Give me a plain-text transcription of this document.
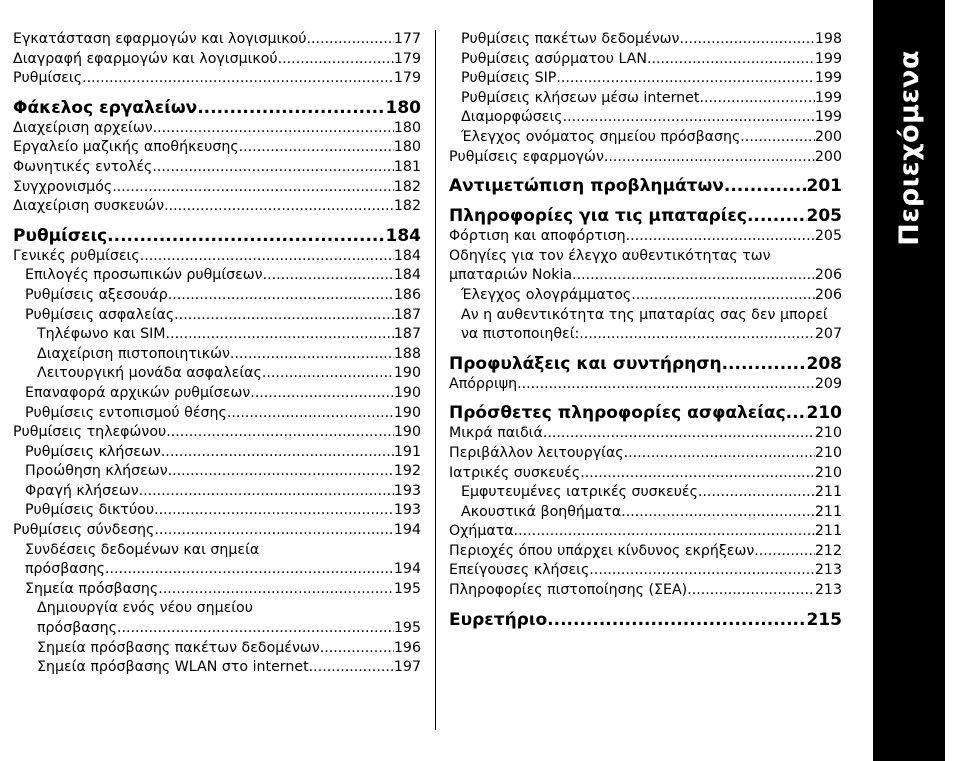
Εγκατάσταση εφαρμογών και λογισμικού .....	177
Διαγραφή εφαρμογών και λογισμικού .....	179
Ρυθμίσεις .....	179
Φάκελος εργαλείων .....	180
Διαχείριση αρχείων .....	180
Εργαλείο μαζικής αποθήκευσης .....	180
Φωνητικές εντολές .....	181
Συγχρονισμός .....	182
Διαχείριση συσκευών .....	182
Ρυθμίσεις .....	184
Γενικές ρυθμίσεις .....	184
Επιλογές προσωπικών ρυθμίσεων .....	184
Ρυθμίσεις αξεσουάρ .....	186
Ρυθμίσεις ασφαλείας .....	187
Τηλέφωνο και SIM .....	187
Διαχείριση πιστοποιητικών .....	188
Λειτουργική μονάδα ασφαλείας .....	190
Επαναφορά αρχικών ρυθμίσεων .....	190
Ρυθμίσεις εντοπισμού θέσης .....	190
Ρυθμίσεις τηλεφώνου .....	190
Ρυθμίσεις κλήσεων .....	191
Προώθηση κλήσεων .....	192
Φραγή κλήσεων .....	193
Ρυθμίσεις δικτύου .....	193
Ρυθμίσεις σύνδεσης .....	194
Συνδέσεις δεδομένων και σημεία
πρόσβασης .....	194
Σημεία πρόσβασης .....	195
Δημιουργία ενός νέου σημείου
πρόσβασης .....	195
Σημεία πρόσβασης πακέτων δεδομένων .....	196
Σημεία πρόσβασης WLAN στο internet .....	197
Ρυθμίσεις πακέτων δεδομένων .....	198
Ρυθμίσεις ασύρματου LAN .....	199
Ρυθμίσεις SIP .....	199
Ρυθμίσεις κλήσεων μέσω internet .....	199
Διαμορφώσεις .....	199
Έλεγχος ονόματος σημείου πρόσβασης .....	200
Ρυθμίσεις εφαρμογών .....	200
Αντιμετώπιση προβλημάτων .....	201
Πληροφορίες για τις μπαταρίες .....	205
Φόρτιση και αποφόρτιση .....	205
Οδηγίες για τον έλεγχο αυθεντικότητας των
μπαταριών Nokia .....	206
Έλεγχος ολογράμματος .....	206
Αν η αυθεντικότητα της μπαταρίας σας δεν μπορεί
να πιστοποιηθεί: .....	207
Προφυλάξεις και συντήρηση .....	208
Απόρριψη .....	209
Πρόσθετες πληροφορίες ασφαλείας ..... 210
Μικρά παιδιά .....	210
Περιβάλλον λειτουργίας .....	210
Ιατρικές συσκευές .....	210
Εμφυτευμένες ιατρικές συσκευές .....	211
Ακουστικά βοηθήματα .....	211
Οχήματα .....	211
Περιοχές όπου υπάρχει κίνδυνος εκρήξεων .....	212
Επείγουσες κλήσεις .....	213
Πληροφορίες πιστοποίησης (ΣΕΑ) .....	213
Ευρετήριο .....	215
Περιεχόμενα
